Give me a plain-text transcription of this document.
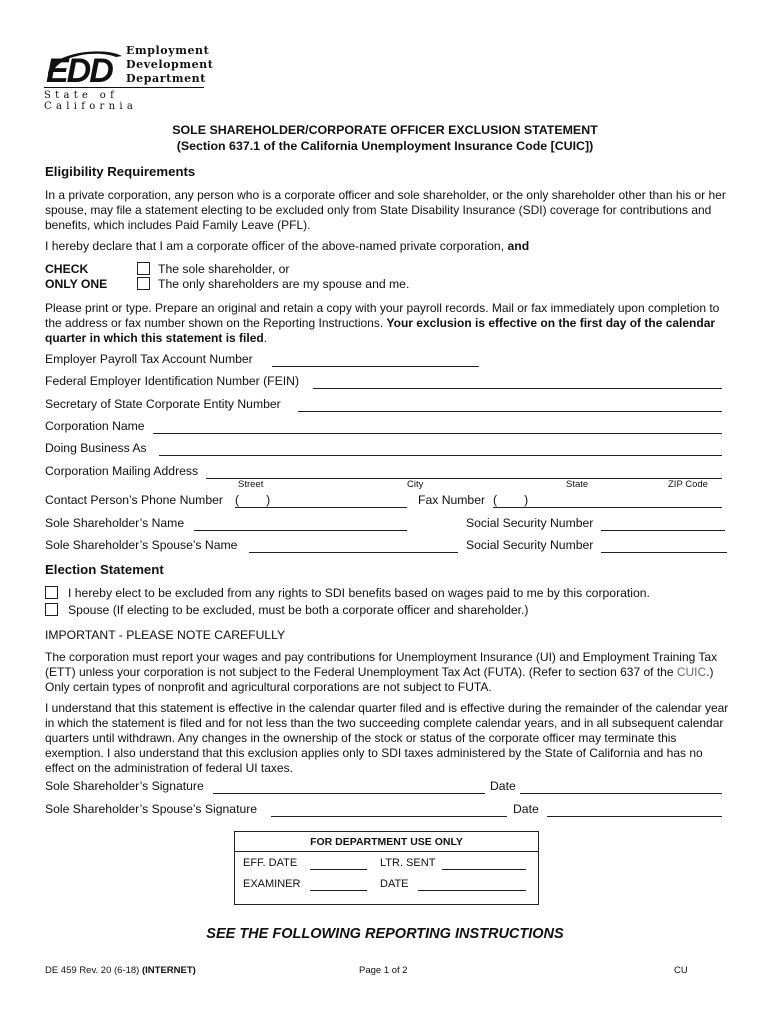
EDD
Employment
Development
Department
State of California
SOLE SHAREHOLDER/CORPORATE OFFICER EXCLUSION STATEMENT
(Section 637.1 of the California Unemployment Insurance Code [CUIC])
Eligibility Requirements
In a private corporation, any person who is a corporate officer and sole shareholder, or the only shareholder other than his or her spouse, may file a statement electing to be excluded only from State Disability Insurance (SDI) coverage for contributions and benefits, which includes Paid Family Leave (PFL).
I hereby declare that I am a corporate officer of the above-named private corporation, and
CHECK
ONLY ONE
The sole shareholder, or
The only shareholders are my spouse and me.
Please print or type. Prepare an original and retain a copy with your payroll records. Mail or fax immediately upon completion to the address or fax number shown on the Reporting Instructions. Your exclusion is effective on the first day of the calendar quarter in which this statement is filed.
Employer Payroll Tax Account Number
Federal Employer Identification Number (FEIN)
Secretary of State Corporate Entity Number
Corporation Name
Doing Business As
Corporation Mailing Address
Street	City	State	ZIP Code
Contact Person’s Phone Number (        )	Fax Number (        )
Sole Shareholder’s Name	Social Security Number
Sole Shareholder’s Spouse’s Name	Social Security Number
Election Statement
I hereby elect to be excluded from any rights to SDI benefits based on wages paid to me by this corporation.
Spouse (If electing to be excluded, must be both a corporate officer and shareholder.)
IMPORTANT - PLEASE NOTE CAREFULLY
The corporation must report your wages and pay contributions for Unemployment Insurance (UI) and Employment Training Tax (ETT) unless your corporation is not subject to the Federal Unemployment Tax Act (FUTA). (Refer to section 637 of the CUIC.) Only certain types of nonprofit and agricultural corporations are not subject to FUTA.
I understand that this statement is effective in the calendar quarter filed and is effective during the remainder of the calendar year in which the statement is filed and for not less than the two succeeding complete calendar years, and in all subsequent calendar quarters until withdrawn. Any changes in the ownership of the stock or status of the corporate officer may terminate this exemption. I also understand that this exclusion applies only to SDI taxes administered by the State of California and has no effect on the administration of federal UI taxes.
Sole Shareholder’s Signature	Date
Sole Shareholder’s Spouse’s Signature	Date
FOR DEPARTMENT USE ONLY
EFF. DATE	LTR. SENT
EXAMINER	DATE
SEE THE FOLLOWING REPORTING INSTRUCTIONS
DE 459 Rev. 20 (6-18) (INTERNET)	Page 1 of 2	CU
